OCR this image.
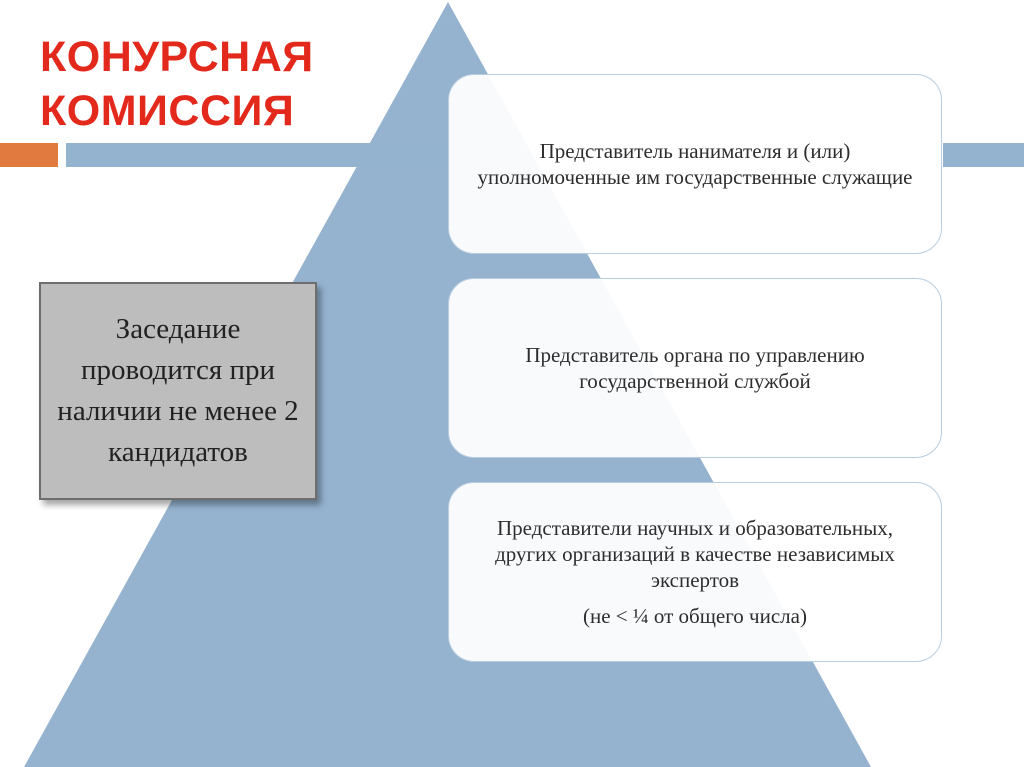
КОНУРСНАЯ
КОМИССИЯ
Заседание проводится при наличии не менее 2 кандидатов
Представитель нанимателя и (или) уполномоченные им государственные служащие
Представитель органа по управлению государственной службой
Представители научных и образовательных, других организаций в качестве независимых экспертов
(не < ¼ от общего числа)
